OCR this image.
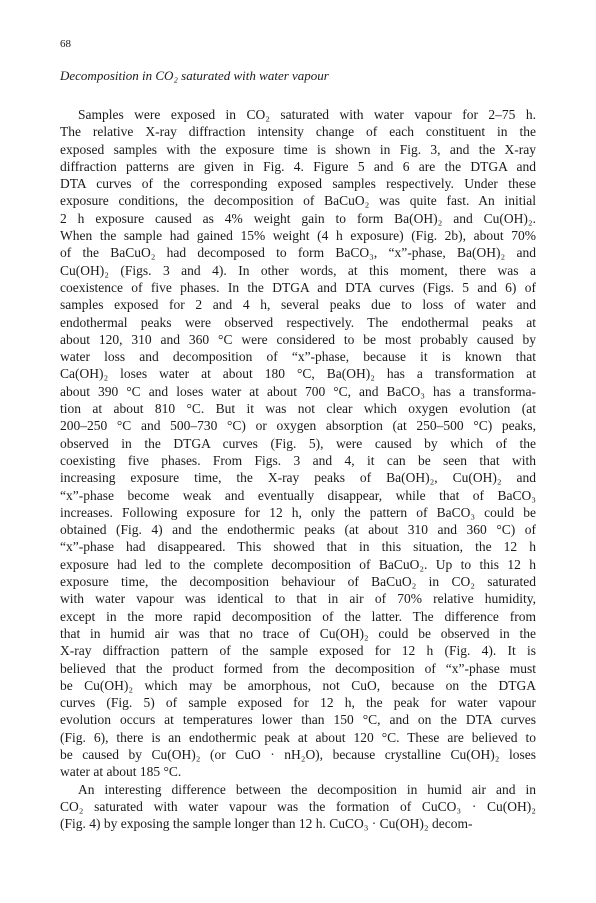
68
Decomposition in CO₂ saturated with water vapour
Samples were exposed in CO₂ saturated with water vapour for 2–75 h.
The relative X-ray diffraction intensity change of each constituent in the
exposed samples with the exposure time is shown in Fig. 3, and the X-ray
diffraction patterns are given in Fig. 4. Figure 5 and 6 are the DTGA and
DTA curves of the corresponding exposed samples respectively. Under these
exposure conditions, the decomposition of BaCuO₂ was quite fast. An initial
2 h exposure caused as 4% weight gain to form Ba(OH)₂ and Cu(OH)₂.
When the sample had gained 15% weight (4 h exposure) (Fig. 2b), about 70%
of the BaCuO₂ had decomposed to form BaCO₃, “x”-phase, Ba(OH)₂ and
Cu(OH)₂ (Figs. 3 and 4). In other words, at this moment, there was a
coexistence of five phases. In the DTGA and DTA curves (Figs. 5 and 6) of
samples exposed for 2 and 4 h, several peaks due to loss of water and
endothermal peaks were observed respectively. The endothermal peaks at
about 120, 310 and 360 °C were considered to be most probably caused by
water loss and decomposition of “x”-phase, because it is known that
Ca(OH)₂ loses water at about 180 °C, Ba(OH)₂ has a transformation at
about 390 °C and loses water at about 700 °C, and BaCO₃ has a transforma-
tion at about 810 °C. But it was not clear which oxygen evolution (at
200–250 °C and 500–730 °C) or oxygen absorption (at 250–500 °C) peaks,
observed in the DTGA curves (Fig. 5), were caused by which of the
coexisting five phases. From Figs. 3 and 4, it can be seen that with
increasing exposure time, the X-ray peaks of Ba(OH)₂, Cu(OH)₂ and
“x”-phase become weak and eventually disappear, while that of BaCO₃
increases. Following exposure for 12 h, only the pattern of BaCO₃ could be
obtained (Fig. 4) and the endothermic peaks (at about 310 and 360 °C) of
“x”-phase had disappeared. This showed that in this situation, the 12 h
exposure had led to the complete decomposition of BaCuO₂. Up to this 12 h
exposure time, the decomposition behaviour of BaCuO₂ in CO₂ saturated
with water vapour was identical to that in air of 70% relative humidity,
except in the more rapid decomposition of the latter. The difference from
that in humid air was that no trace of Cu(OH)₂ could be observed in the
X-ray diffraction pattern of the sample exposed for 12 h (Fig. 4). It is
believed that the product formed from the decomposition of “x”-phase must
be Cu(OH)₂ which may be amorphous, not CuO, because on the DTGA
curves (Fig. 5) of sample exposed for 12 h, the peak for water vapour
evolution occurs at temperatures lower than 150 °C, and on the DTA curves
(Fig. 6), there is an endothermic peak at about 120 °C. These are believed to
be caused by Cu(OH)₂ (or CuO · nH₂O), because crystalline Cu(OH)₂ loses
water at about 185 °C.
An interesting difference between the decomposition in humid air and in
CO₂ saturated with water vapour was the formation of CuCO₃ · Cu(OH)₂
(Fig. 4) by exposing the sample longer than 12 h. CuCO₃ · Cu(OH)₂ decom-
